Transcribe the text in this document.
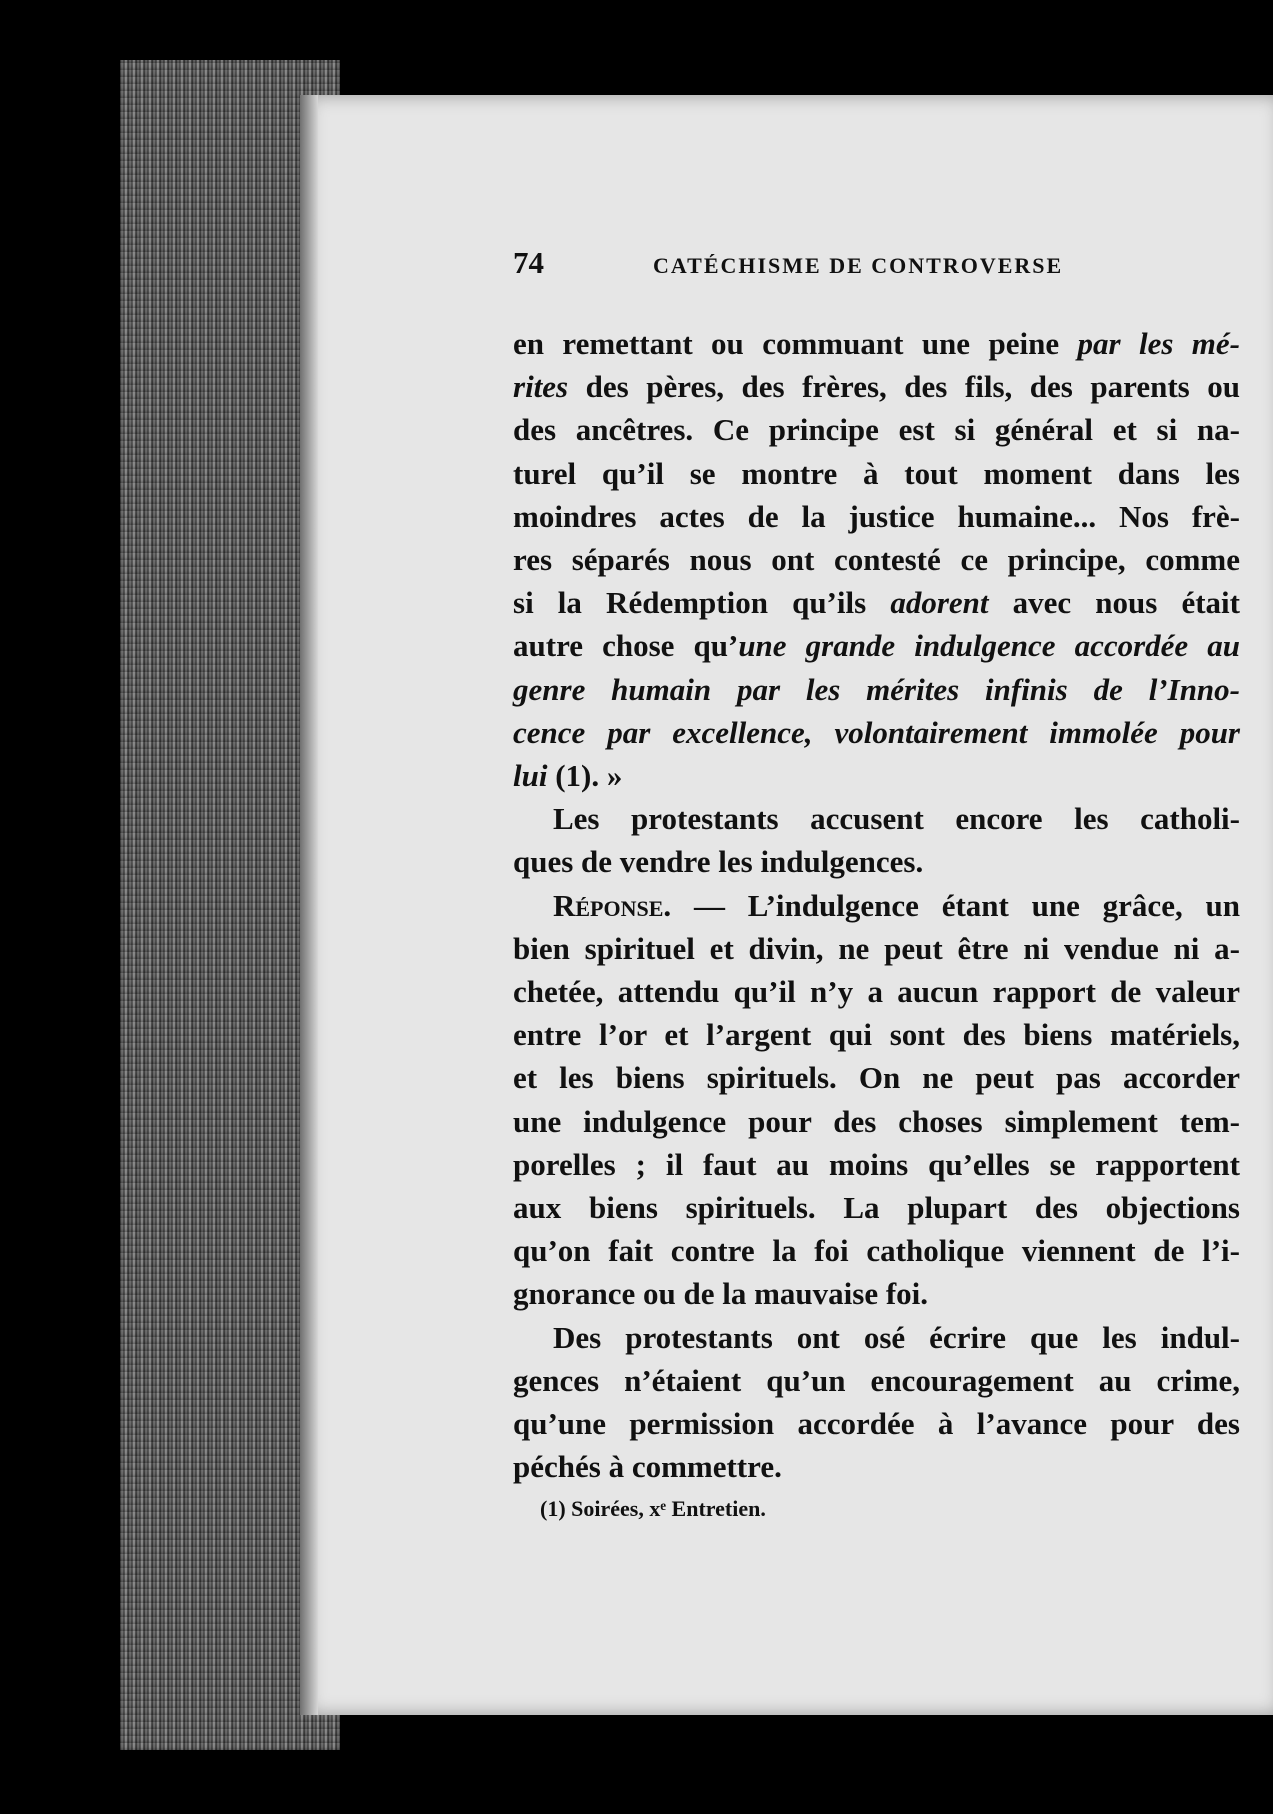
74	CATÉCHISME DE CONTROVERSE
en remettant ou commuant une peine par les mé-
rites des pères, des frères, des fils, des parents ou
des ancêtres. Ce principe est si général et si na-
turel qu’il se montre à tout moment dans les
moindres actes de la justice humaine... Nos frè-
res séparés nous ont contesté ce principe, comme
si la Rédemption qu’ils adorent avec nous était
autre chose qu’une grande indulgence accordée au
genre humain par les mérites infinis de l’Inno-
cence par excellence, volontairement immolée pour
lui (1). »
Les protestants accusent encore les catholi-
ques de vendre les indulgences.
Réponse. — L’indulgence étant une grâce, un
bien spirituel et divin, ne peut être ni vendue ni a-
chetée, attendu qu’il n’y a aucun rapport de valeur
entre l’or et l’argent qui sont des biens matériels,
et les biens spirituels. On ne peut pas accorder
une indulgence pour des choses simplement tem-
porelles ; il faut au moins qu’elles se rapportent
aux biens spirituels. La plupart des objections
qu’on fait contre la foi catholique viennent de l’i-
gnorance ou de la mauvaise foi.
Des protestants ont osé écrire que les indul-
gences n’étaient qu’un encouragement au crime,
qu’une permission accordée à l’avance pour des
péchés à commettre.
(1) Soirées, xᵉ Entretien.
